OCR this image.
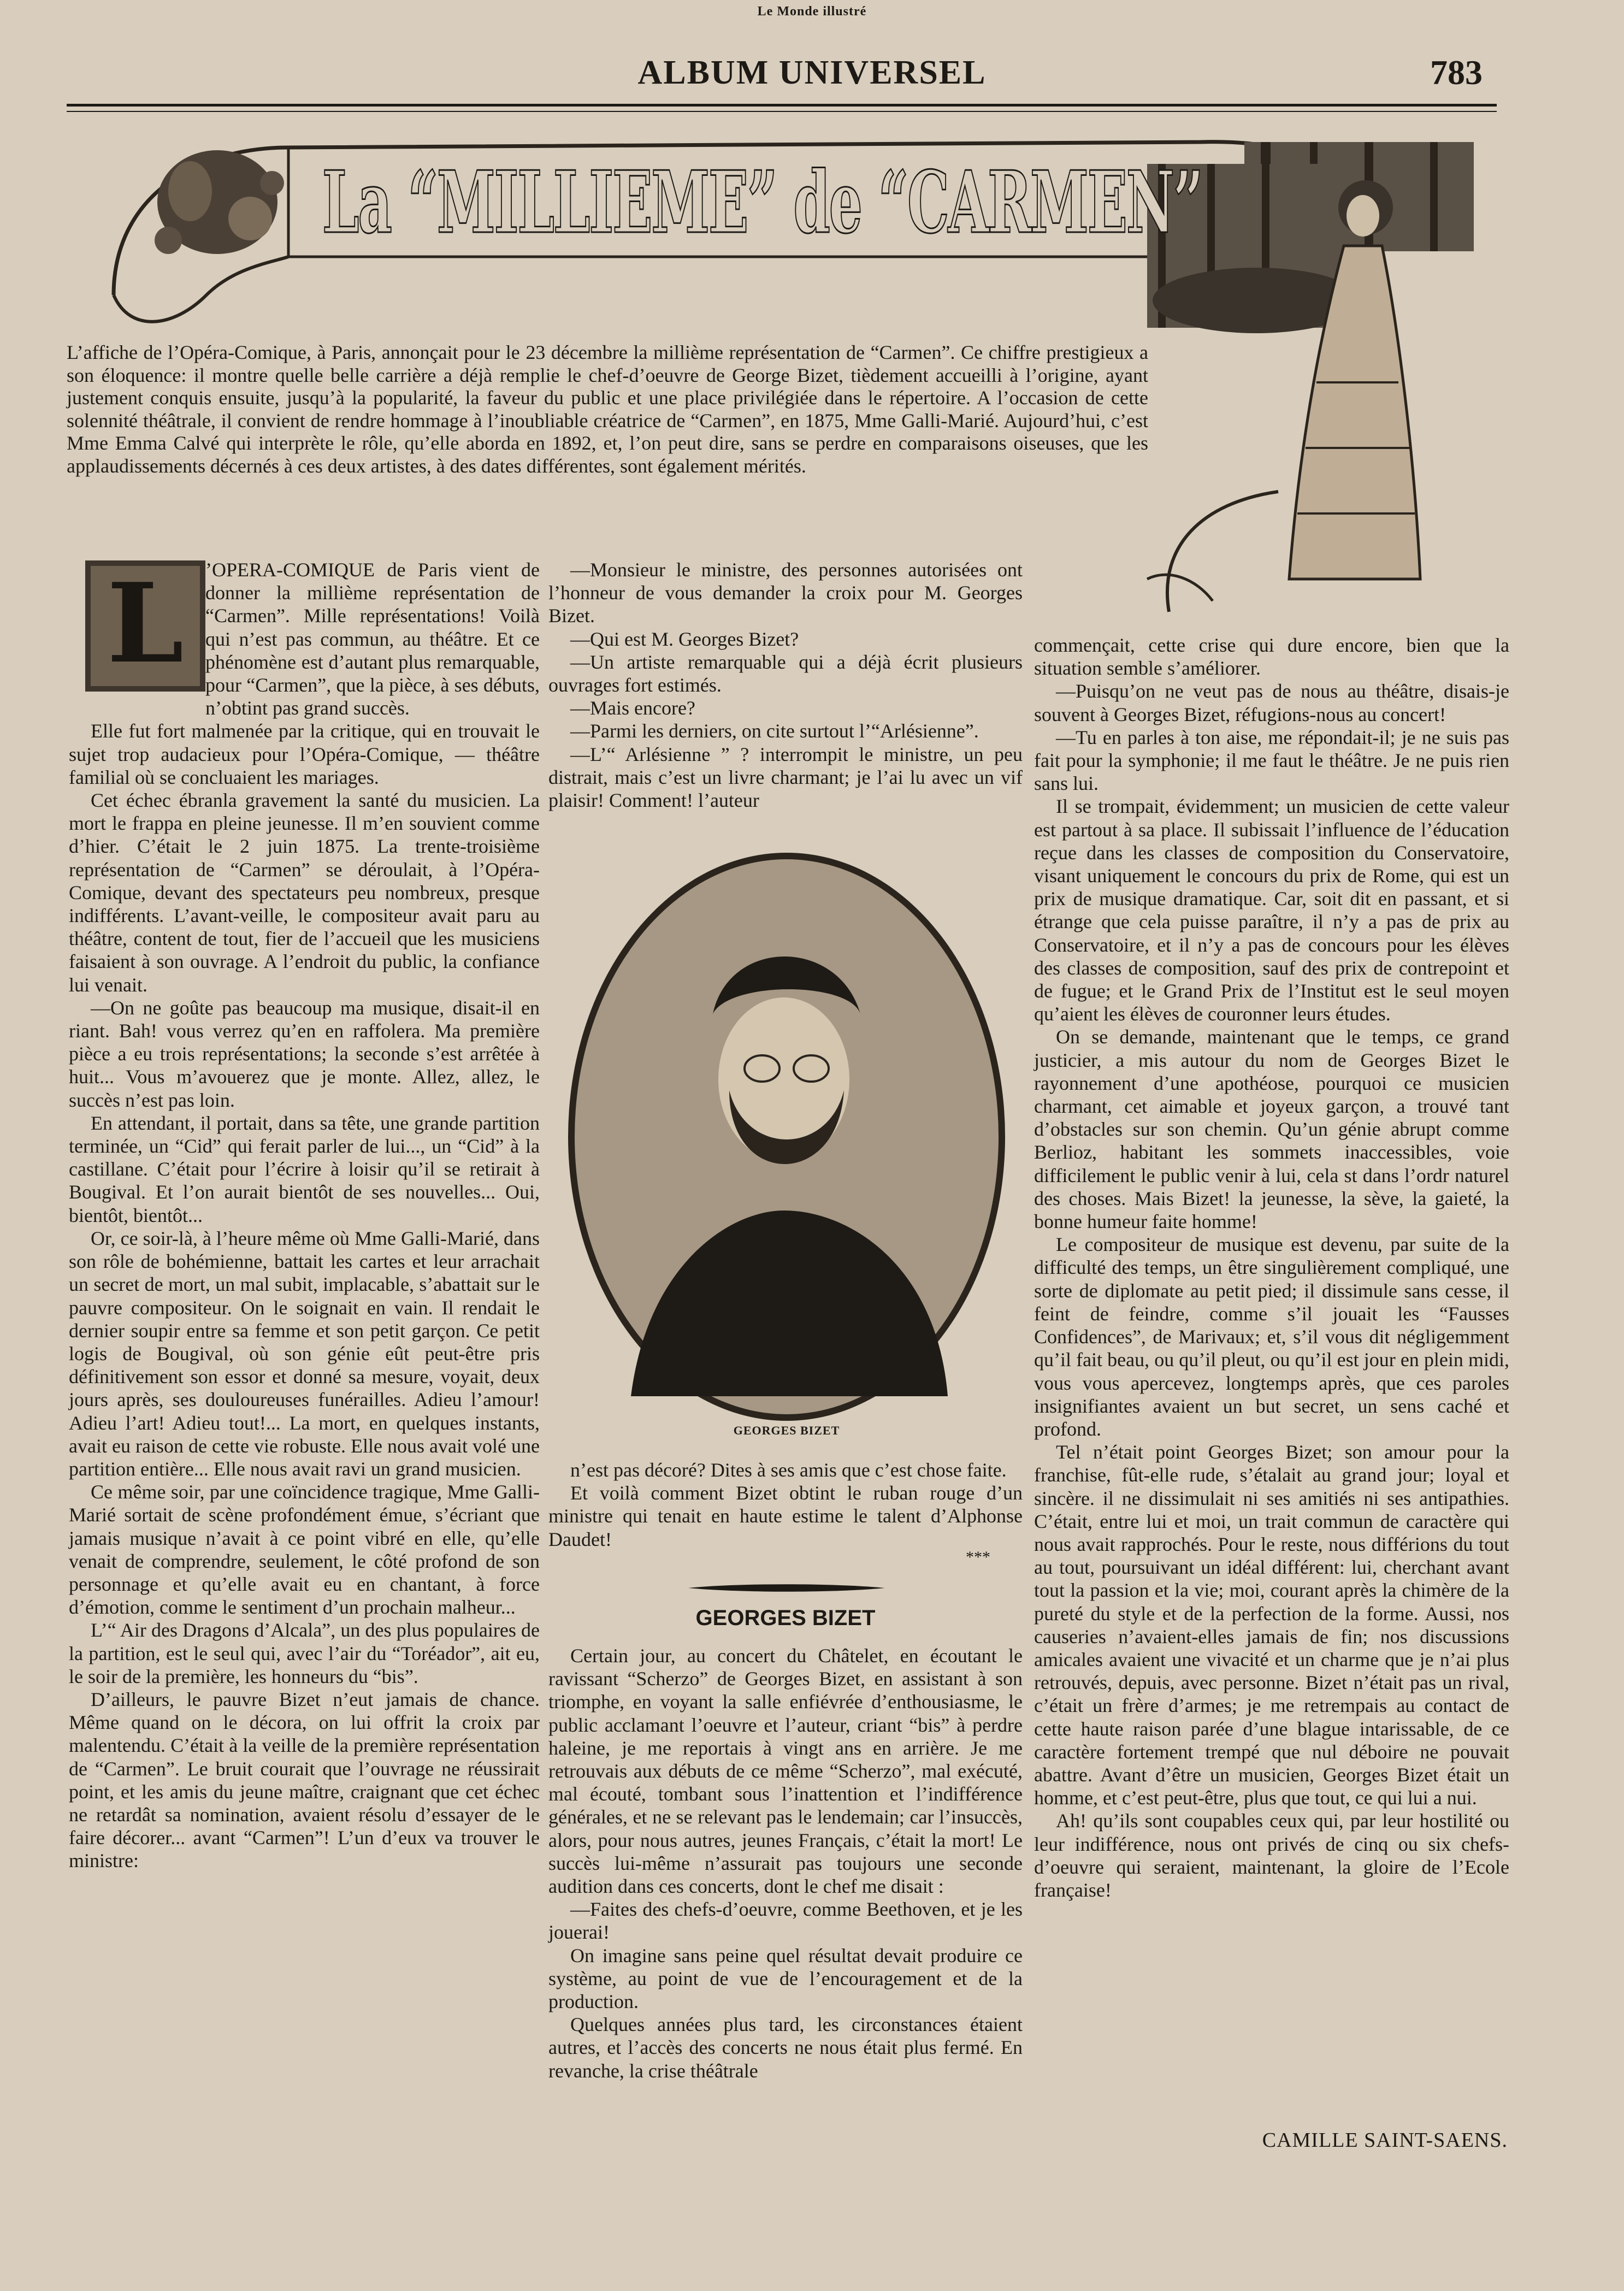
Le Monde illustré
ALBUM UNIVERSEL	783
La “MILLIEME” de “CARMEN”

L’affiche de l’Opéra-Comique, à Paris, annonçait pour le 23 décembre la millième représentation de “Carmen”. Ce chiffre prestigieux a son éloquence: il montre quelle belle carrière a déjà remplie le chef-d’oeuvre de George Bizet, tièdement accueilli à l’origine, ayant justement conquis ensuite, jusqu’à la popularité, la faveur du public et une place privilégiée dans le répertoire. A l’occasion de cette solennité théâtrale, il convient de rendre hommage à l’inoubliable créatrice de “Carmen”, en 1875, Mme Galli-Marié. Aujourd’hui, c’est Mme Emma Calvé qui interprète le rôle, qu’elle aborda en 1892, et, l’on peut dire, sans se perdre en comparaisons oiseuses, que les applaudissements décernés à ces deux artistes, à des dates différentes, sont également mérités.

L	’OPERA-COMIQUE de Paris vient de donner la millième représentation de “Carmen”. Mille représentations! Voilà qui n’est pas commun, au théâtre. Et ce phénomène est d’autant plus remarquable, pour “Carmen”, que la pièce, à ses débuts, n’obtint pas grand succès.

Elle fut fort malmenée par la critique, qui en trouvait le sujet trop audacieux pour l’Opéra-Comique, — théâtre familial où se concluaient les mariages.

Cet échec ébranla gravement la santé du musicien. La mort le frappa en pleine jeunesse. Il m’en souvient comme d’hier. C’était le 2 juin 1875. La trente-troisième représentation de “Carmen” se déroulait, à l’Opéra-Comique, devant des spectateurs peu nombreux, presque indifférents. L’avant-veille, le compositeur avait paru au théâtre, content de tout, fier de l’accueil que les musiciens faisaient à son ouvrage. A l’endroit du public, la confiance lui venait.

—On ne goûte pas beaucoup ma musique, disait-il en riant. Bah! vous verrez qu’en en raffolera. Ma première pièce a eu trois représentations; la seconde s’est arrêtée à huit... Vous m’avouerez que je monte. Allez, allez, le succès n’est pas loin.

En attendant, il portait, dans sa tête, une grande partition terminée, un “Cid” qui ferait parler de lui..., un “Cid” à la castillane. C’était pour l’écrire à loisir qu’il se retirait à Bougival. Et l’on aurait bientôt de ses nouvelles... Oui, bientôt, bientôt...

Or, ce soir-là, à l’heure même où Mme Galli-Marié, dans son rôle de bohémienne, battait les cartes et leur arrachait un secret de mort, un mal subit, implacable, s’abattait sur le pauvre compositeur. On le soignait en vain. Il rendait le dernier soupir entre sa femme et son petit garçon. Ce petit logis de Bougival, où son génie eût peut-être pris définitivement son essor et donné sa mesure, voyait, deux jours après, ses douloureuses funérailles. Adieu l’amour! Adieu l’art! Adieu tout!... La mort, en quelques instants, avait eu raison de cette vie robuste. Elle nous avait volé une partition entière... Elle nous avait ravi un grand musicien.

Ce même soir, par une coïncidence tragique, Mme Galli-Marié sortait de scène profondément émue, s’écriant que jamais musique n’avait à ce point vibré en elle, qu’elle venait de comprendre, seulement, le côté profond de son personnage et qu’elle avait eu en chantant, à force d’émotion, comme le sentiment d’un prochain malheur...

L’“ Air des Dragons d’Alcala”, un des plus populaires de la partition, est le seul qui, avec l’air du “Toréador”, ait eu, le soir de la première, les honneurs du “bis”.

D’ailleurs, le pauvre Bizet n’eut jamais de chance. Même quand on le décora, on lui offrit la croix par malentendu. C’était à la veille de la première représentation de “Carmen”. Le bruit courait que l’ouvrage ne réussirait point, et les amis du jeune maître, craignant que cet échec ne retardât sa nomination, avaient résolu d’essayer de le faire décorer... avant “Carmen”! L’un d’eux va trouver le ministre:

—Monsieur le ministre, des personnes autorisées ont l’honneur de vous demander la croix pour M. Georges Bizet.

—Qui est M. Georges Bizet?

—Un artiste remarquable qui a déjà écrit plusieurs ouvrages fort estimés.

—Mais encore?

—Parmi les derniers, on cite surtout l’“Arlésienne”.

—L’“ Arlésienne ” ? interrompit le ministre, un peu distrait, mais c’est un livre charmant; je l’ai lu avec un vif plaisir! Comment! l’auteur

GEORGES BIZET

n’est pas décoré? Dites à ses amis que c’est chose faite.

Et voilà comment Bizet obtint le ruban rouge d’un ministre qui tenait en haute estime le talent d’Alphonse Daudet!

***
GEORGES BIZET

Certain jour, au concert du Châtelet, en écoutant le ravissant “Scherzo” de Georges Bizet, en assistant à son triomphe, en voyant la salle enfiévrée d’enthousiasme, le public acclamant l’oeuvre et l’auteur, criant “bis” à perdre haleine, je me reportais à vingt ans en arrière. Je me retrouvais aux débuts de ce même “Scherzo”, mal exécuté, mal écouté, tombant sous l’inattention et l’indifférence générales, et ne se relevant pas le lendemain; car l’insuccès, alors, pour nous autres, jeunes Français, c’était la mort! Le succès lui-même n’assurait pas toujours une seconde audition dans ces concerts, dont le chef me disait :

—Faites des chefs-d’oeuvre, comme Beethoven, et je les jouerai!

On imagine sans peine quel résultat devait produire ce système, au point de vue de l’encouragement et de la production.

Quelques années plus tard, les circonstances étaient autres, et l’accès des concerts ne nous était plus fermé. En revanche, la crise théâtrale

commençait, cette crise qui dure encore, bien que la situation semble s’améliorer.

—Puisqu’on ne veut pas de nous au théâtre, disais-je souvent à Georges Bizet, réfugions-nous au concert!

—Tu en parles à ton aise, me répondait-il; je ne suis pas fait pour la symphonie; il me faut le théâtre. Je ne puis rien sans lui.

Il se trompait, évidemment; un musicien de cette valeur est partout à sa place. Il subissait l’influence de l’éducation reçue dans les classes de composition du Conservatoire, visant uniquement le concours du prix de Rome, qui est un prix de musique dramatique. Car, soit dit en passant, et si étrange que cela puisse paraître, il n’y a pas de prix au Conservatoire, et il n’y a pas de concours pour les élèves des classes de composition, sauf des prix de contrepoint et de fugue; et le Grand Prix de l’Institut est le seul moyen qu’aient les élèves de couronner leurs études.

On se demande, maintenant que le temps, ce grand justicier, a mis autour du nom de Georges Bizet le rayonnement d’une apothéose, pourquoi ce musicien charmant, cet aimable et joyeux garçon, a trouvé tant d’obstacles sur son chemin. Qu’un génie abrupt comme Berlioz, habitant les sommets inaccessibles, voie difficilement le public venir à lui, cela st dans l’ordr naturel des choses. Mais Bizet! la jeunesse, la sève, la gaieté, la bonne humeur faite homme!

Le compositeur de musique est devenu, par suite de la difficulté des temps, un être singulièrement compliqué, une sorte de diplomate au petit pied; il dissimule sans cesse, il feint de feindre, comme s’il jouait les “Fausses Confidences”, de Marivaux; et, s’il vous dit négligemment qu’il fait beau, ou qu’il pleut, ou qu’il est jour en plein midi, vous vous apercevez, longtemps après, que ces paroles insignifiantes avaient un but secret, un sens caché et profond.

Tel n’était point Georges Bizet; son amour pour la franchise, fût-elle rude, s’étalait au grand jour; loyal et sincère. il ne dissimulait ni ses amitiés ni ses antipathies. C’était, entre lui et moi, un trait commun de caractère qui nous avait rapprochés. Pour le reste, nous différions du tout au tout, poursuivant un idéal différent: lui, cherchant avant tout la passion et la vie; moi, courant après la chimère de la pureté du style et de la perfection de la forme. Aussi, nos causeries n’avaient-elles jamais de fin; nos discussions amicales avaient une vivacité et un charme que je n’ai plus retrouvés, depuis, avec personne. Bizet n’était pas un rival, c’était un frère d’armes; je me retrempais au contact de cette haute raison parée d’une blague intarissable, de ce caractère fortement trempé que nul déboire ne pouvait abattre. Avant d’être un musicien, Georges Bizet était un homme, et c’est peut-être, plus que tout, ce qui lui a nui.

Ah! qu’ils sont coupables ceux qui, par leur hostilité ou leur indifférence, nous ont privés de cinq ou six chefs-d’oeuvre qui seraient, maintenant, la gloire de l’Ecole française!

CAMILLE SAINT-SAENS.
